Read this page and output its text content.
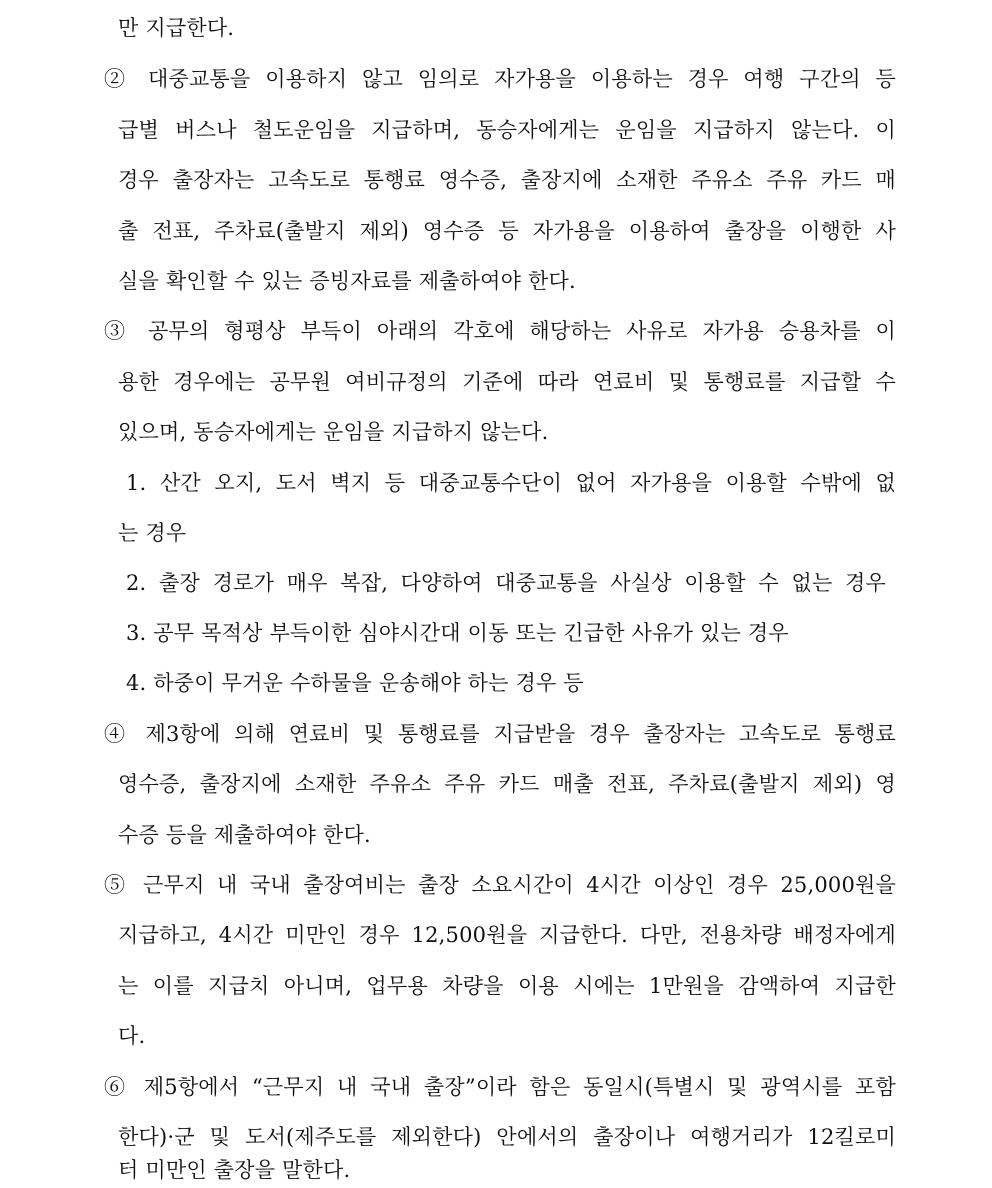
만 지급한다.
② 대중교통을 이용하지 않고 임의로 자가용을 이용하는 경우 여행 구간의 등
급별 버스나 철도운임을 지급하며, 동승자에게는 운임을 지급하지 않는다. 이
경우 출장자는 고속도로 통행료 영수증, 출장지에 소재한 주유소 주유 카드 매
출 전표, 주차료(출발지 제외) 영수증 등 자가용을 이용하여 출장을 이행한 사
실을 확인할 수 있는 증빙자료를 제출하여야 한다.
③ 공무의 형평상 부득이 아래의 각호에 해당하는 사유로 자가용 승용차를 이
용한 경우에는 공무원 여비규정의 기준에 따라 연료비 및 통행료를 지급할 수
있으며, 동승자에게는 운임을 지급하지 않는다.
1. 산간 오지, 도서 벽지 등 대중교통수단이 없어 자가용을 이용할 수밖에 없
는 경우
2. 출장 경로가 매우 복잡, 다양하여 대중교통을 사실상 이용할 수 없는 경우
3. 공무 목적상 부득이한 심야시간대 이동 또는 긴급한 사유가 있는 경우
4. 하중이 무거운 수하물을 운송해야 하는 경우 등
④ 제3항에 의해 연료비 및 통행료를 지급받을 경우 출장자는 고속도로 통행료
영수증, 출장지에 소재한 주유소 주유 카드 매출 전표, 주차료(출발지 제외) 영
수증 등을 제출하여야 한다.
⑤ 근무지 내 국내 출장여비는 출장 소요시간이 4시간 이상인 경우 25,000원을
지급하고, 4시간 미만인 경우 12,500원을 지급한다. 다만, 전용차량 배정자에게
는 이를 지급치 아니며, 업무용 차량을 이용 시에는 1만원을 감액하여 지급한
다.
⑥ 제5항에서 “근무지 내 국내 출장”이라 함은 동일시(특별시 및 광역시를 포함
한다)·군 및 도서(제주도를 제외한다) 안에서의 출장이나 여행거리가 12킬로미
터 미만인 출장을 말한다.
